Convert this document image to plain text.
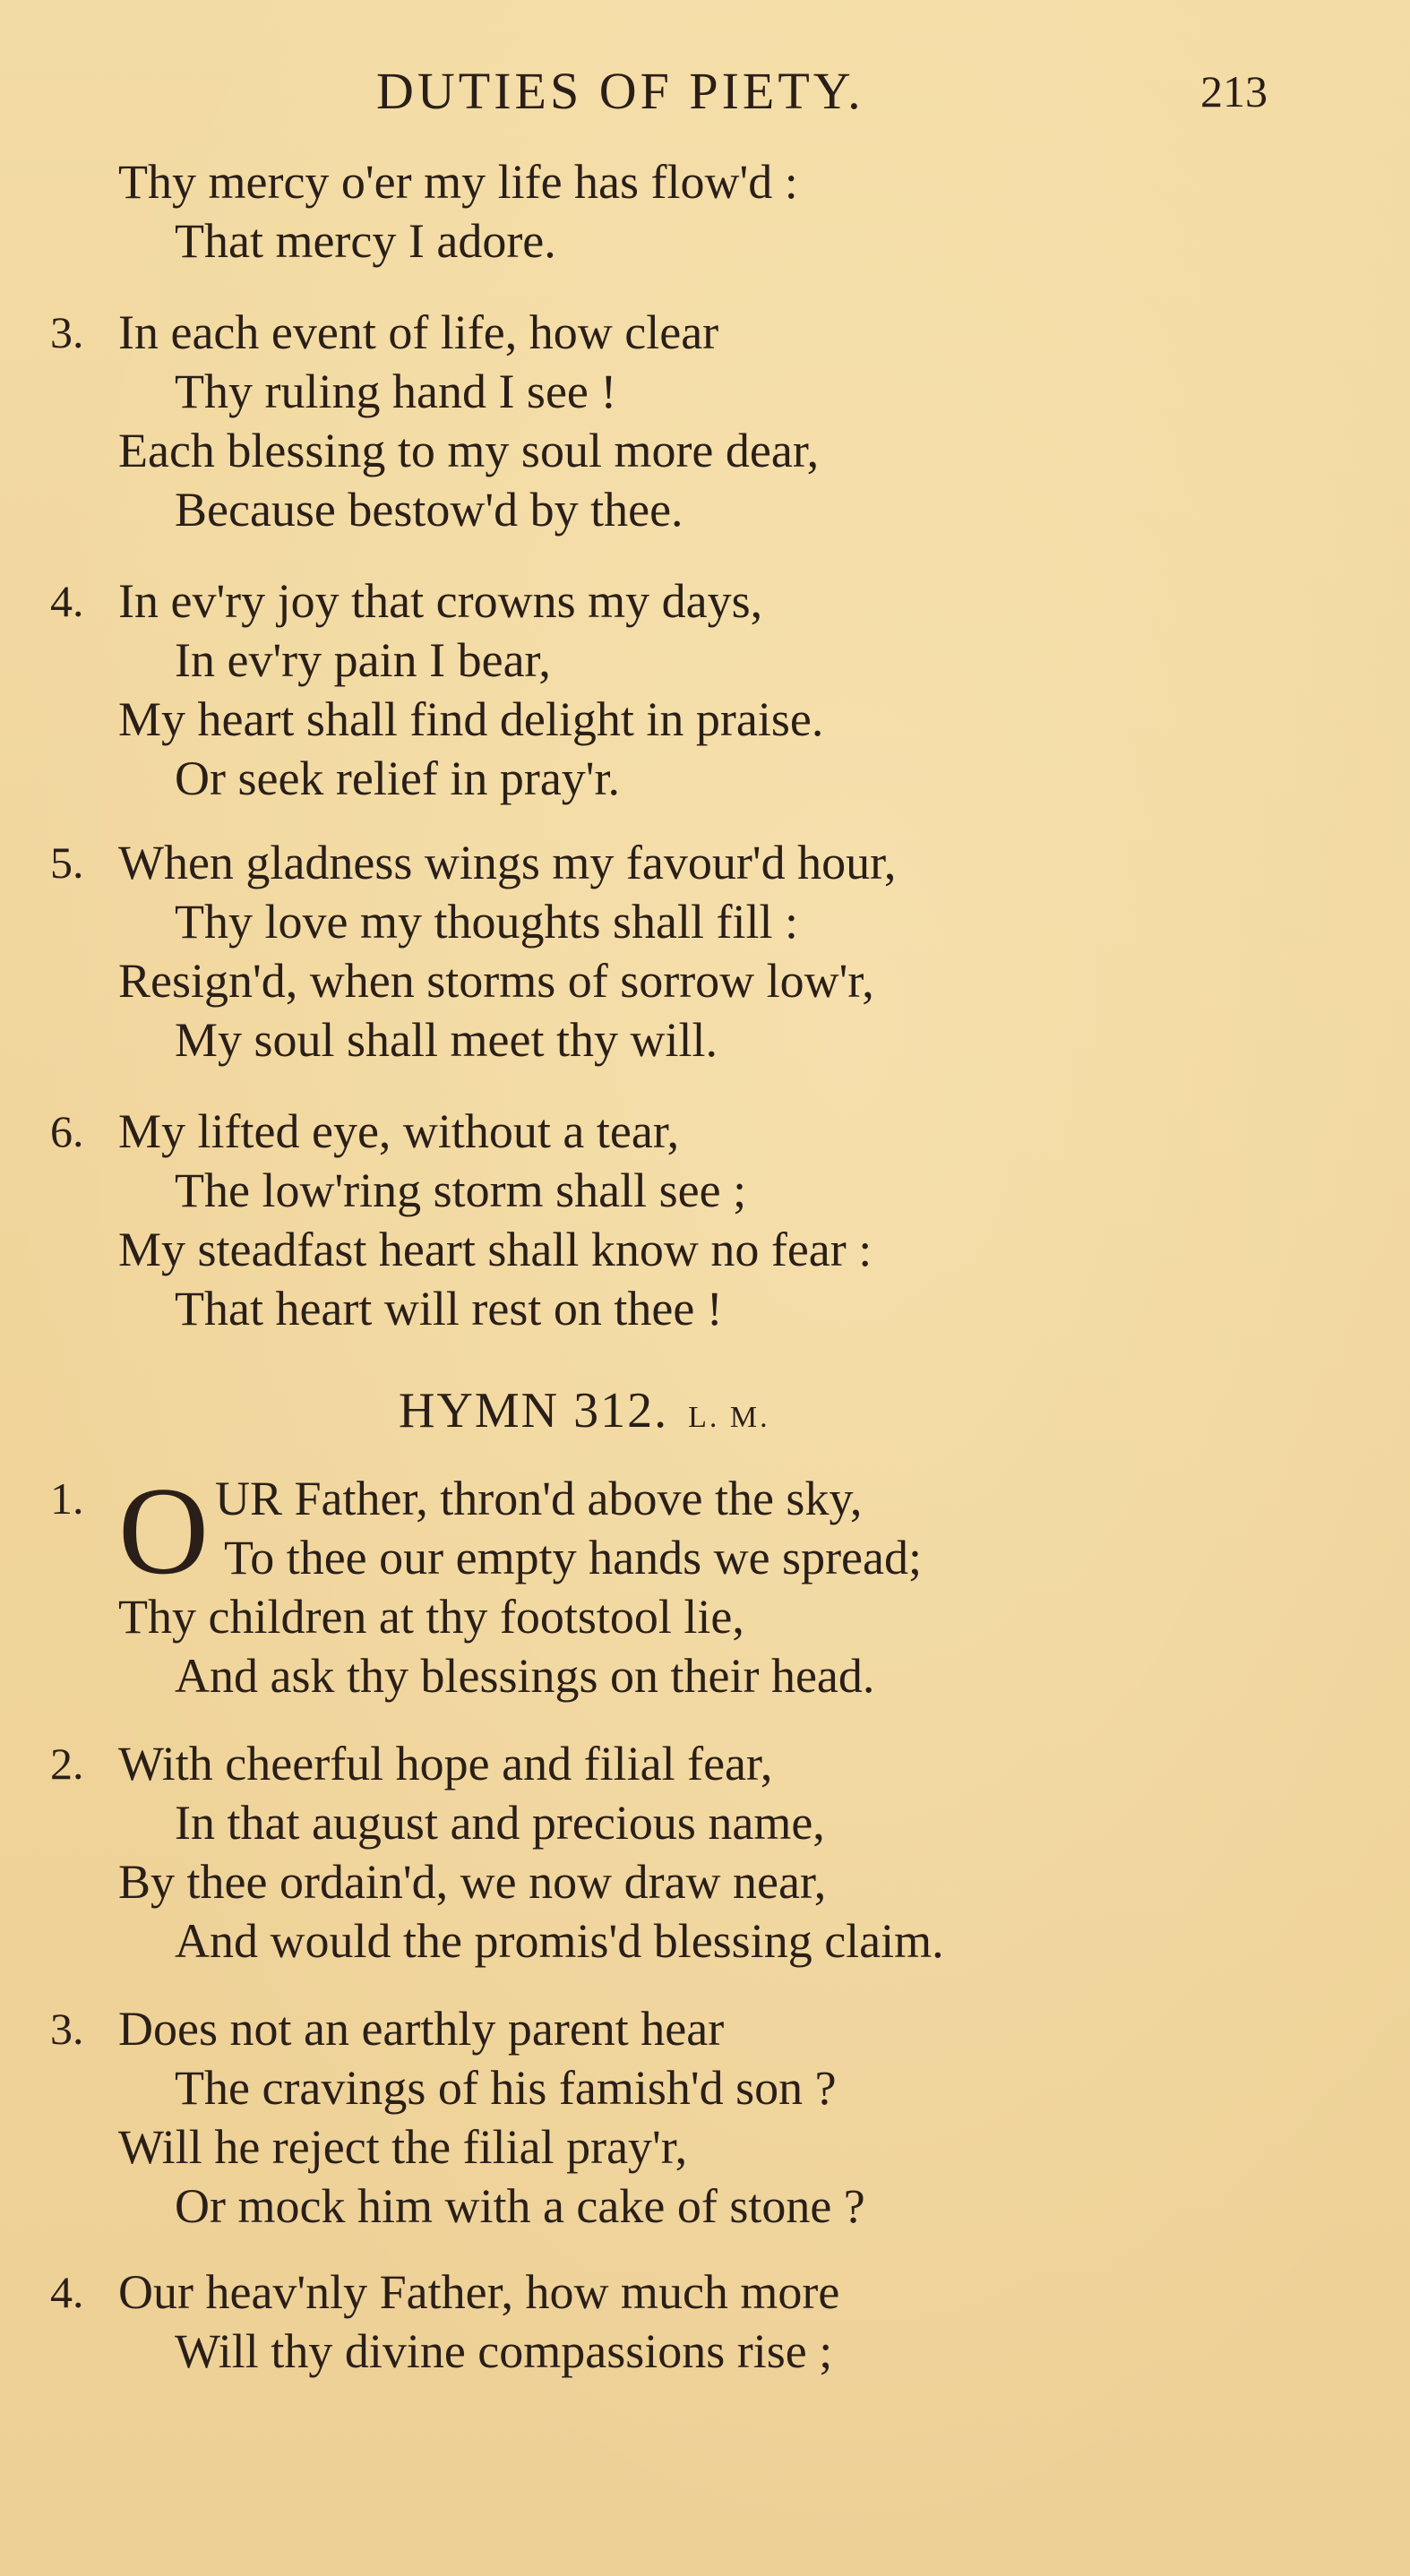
DUTIES OF PIETY.	213
Thy mercy o'er my life has flow'd :
That mercy I adore.
3. In each event of life, how clear
Thy ruling hand I see !
Each blessing to my soul more dear,
Because bestow'd by thee.
4. In ev'ry joy that crowns my days,
In ev'ry pain I bear,
My heart shall find delight in praise.
Or seek relief in pray'r.
5. When gladness wings my favour'd hour,
Thy love my thoughts shall fill :
Resign'd, when storms of sorrow low'r,
My soul shall meet thy will.
6. My lifted eye, without a tear,
The low'ring storm shall see ;
My steadfast heart shall know no fear :
That heart will rest on thee !
HYMN 312. L. M.
1. O UR Father, thron'd above the sky,
To thee our empty hands we spread;
Thy children at thy footstool lie,
And ask thy blessings on their head.
2. With cheerful hope and filial fear,
In that august and precious name,
By thee ordain'd, we now draw near,
And would the promis'd blessing claim.
3. Does not an earthly parent hear
The cravings of his famish'd son ?
Will he reject the filial pray'r,
Or mock him with a cake of stone ?
4. Our heav'nly Father, how much more
Will thy divine compassions rise ;
